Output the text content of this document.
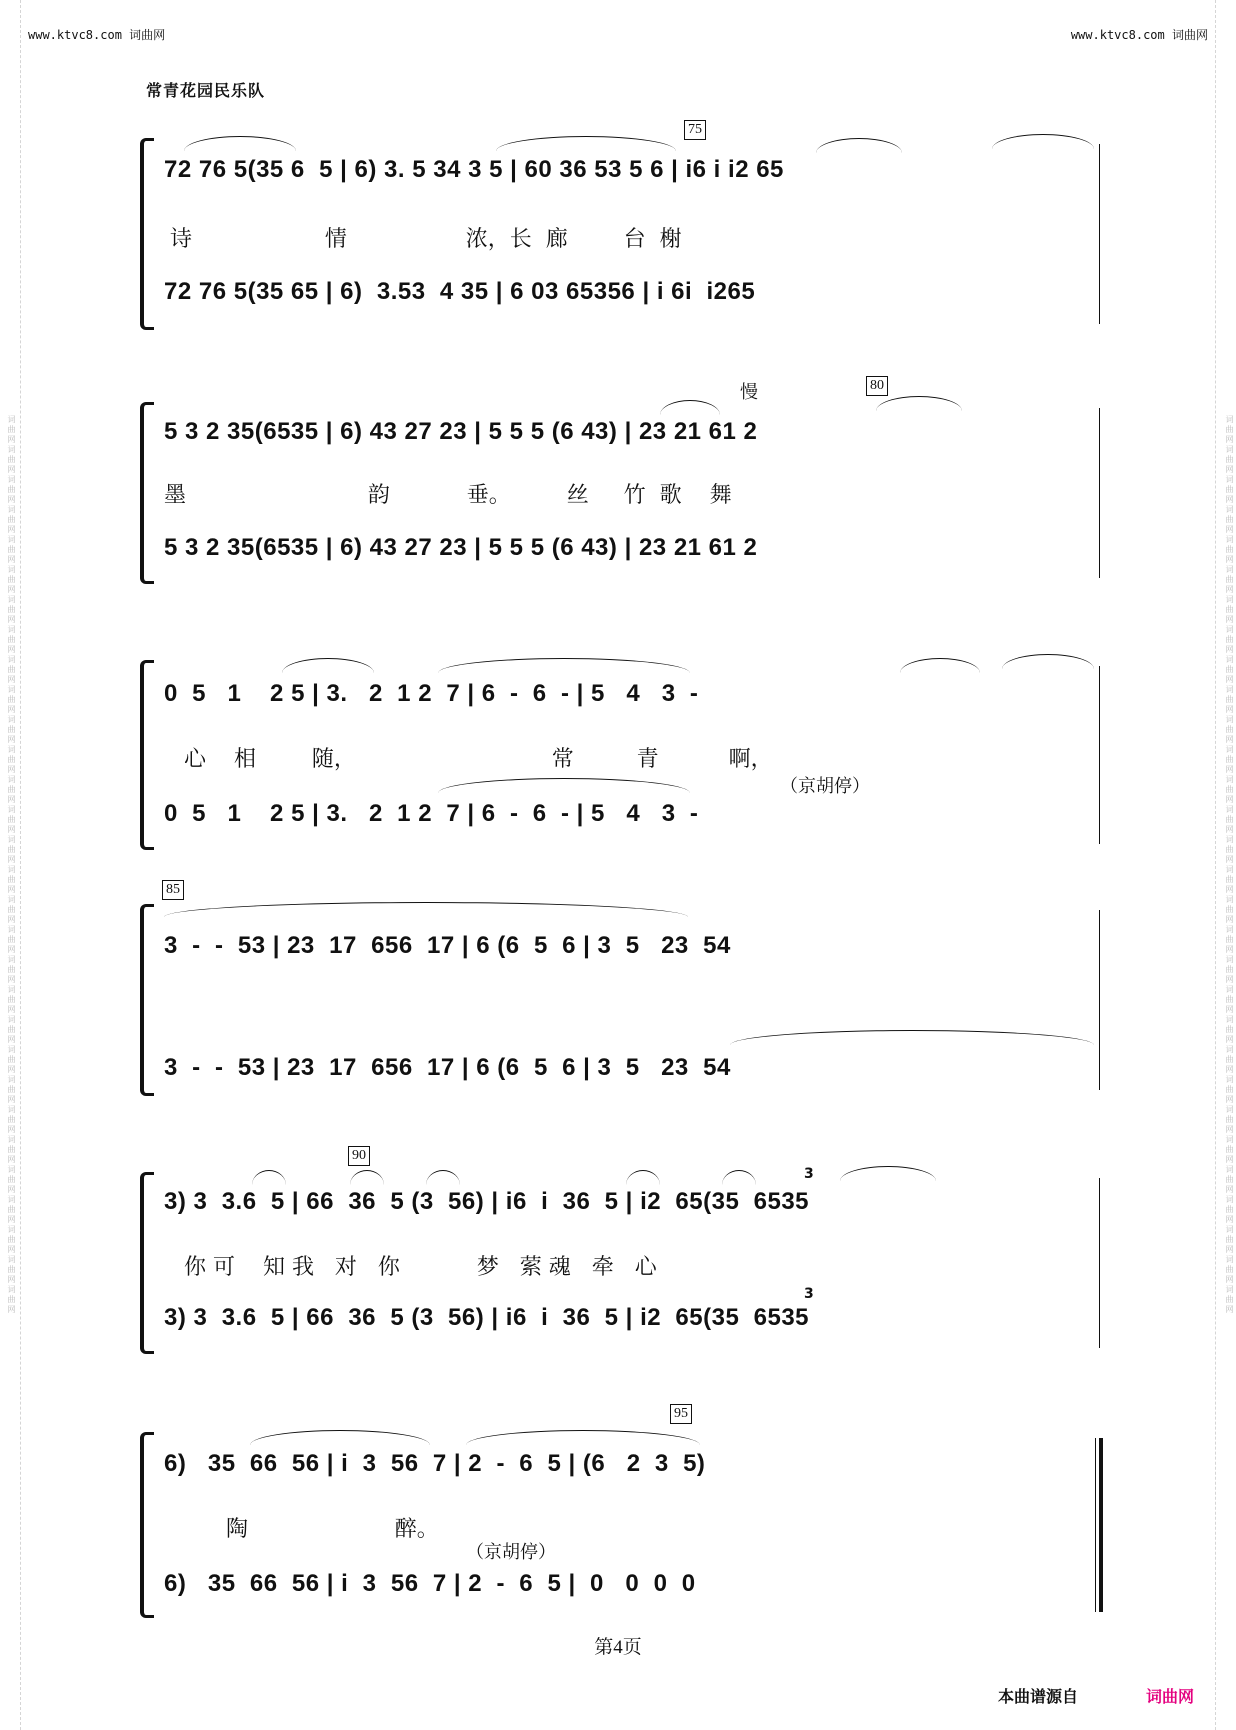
词曲网词曲网词曲网词曲网词曲网词曲网词曲网词曲网词曲网词曲网词曲网词曲网词曲网词曲网词曲网词曲网词曲网词曲网词曲网词曲网词曲网词曲网词曲网词曲网词曲网词曲网词曲网词曲网词曲网词曲网	词曲网词曲网词曲网词曲网词曲网词曲网词曲网词曲网词曲网词曲网词曲网词曲网词曲网词曲网词曲网词曲网词曲网词曲网词曲网词曲网词曲网词曲网词曲网词曲网词曲网词曲网词曲网词曲网词曲网词曲网
www.ktvc8.com 词曲网	www.ktvc8.com 词曲网
常青花园民乐队
75
72 76 5(35 6  5 | 6) 3. 5 34 3 5 | 60 36 53 5 6 | i6 i i2 65
诗                   情                 浓，长  廊        台  榭
72 76 5(35 65 | 6)  3.53  4 35 | 6 03 65356 | i 6i  i265
慢	80
5 3 2 35(6535 | 6) 43 27 23 | 5 5 5 (6 43) | 23 21 61 2
墨                          韵           垂。        丝     竹  歌    舞
5 3 2 35(6535 | 6) 43 27 23 | 5 5 5 (6 43) | 23 21 61 2
0  5   1    2 5 | 3.   2  1 2  7 | 6  -  6  - | 5   4   3  -
心    相        随，                            常         青          啊，
（京胡停）
0  5   1    2 5 | 3.   2  1 2  7 | 6  -  6  - | 5   4   3  -
85
3  -  -  53 | 23  17  656  17 | 6 (6  5  6 | 3  5   23  54
3  -  -  53 | 23  17  656  17 | 6 (6  5  6 | 3  5   23  54
90
3
3) 3  3.6  5 | 66  36  5 (3  56) | i6  i  36  5 | i2  65(35  6535
你 可    知 我   对   你           梦   萦 魂   牵   心
3
3) 3  3.6  5 | 66  36  5 (3  56) | i6  i  36  5 | i2  65(35  6535
95
6)   35  66  56 | i  3  56  7 | 2  -  6  5 | (6   2  3  5)
陶                     醉。
（京胡停）
6)   35  66  56 | i  3  56  7 | 2  -  6  5 |  0   0  0  0
第4页
本曲谱源自	词曲网
